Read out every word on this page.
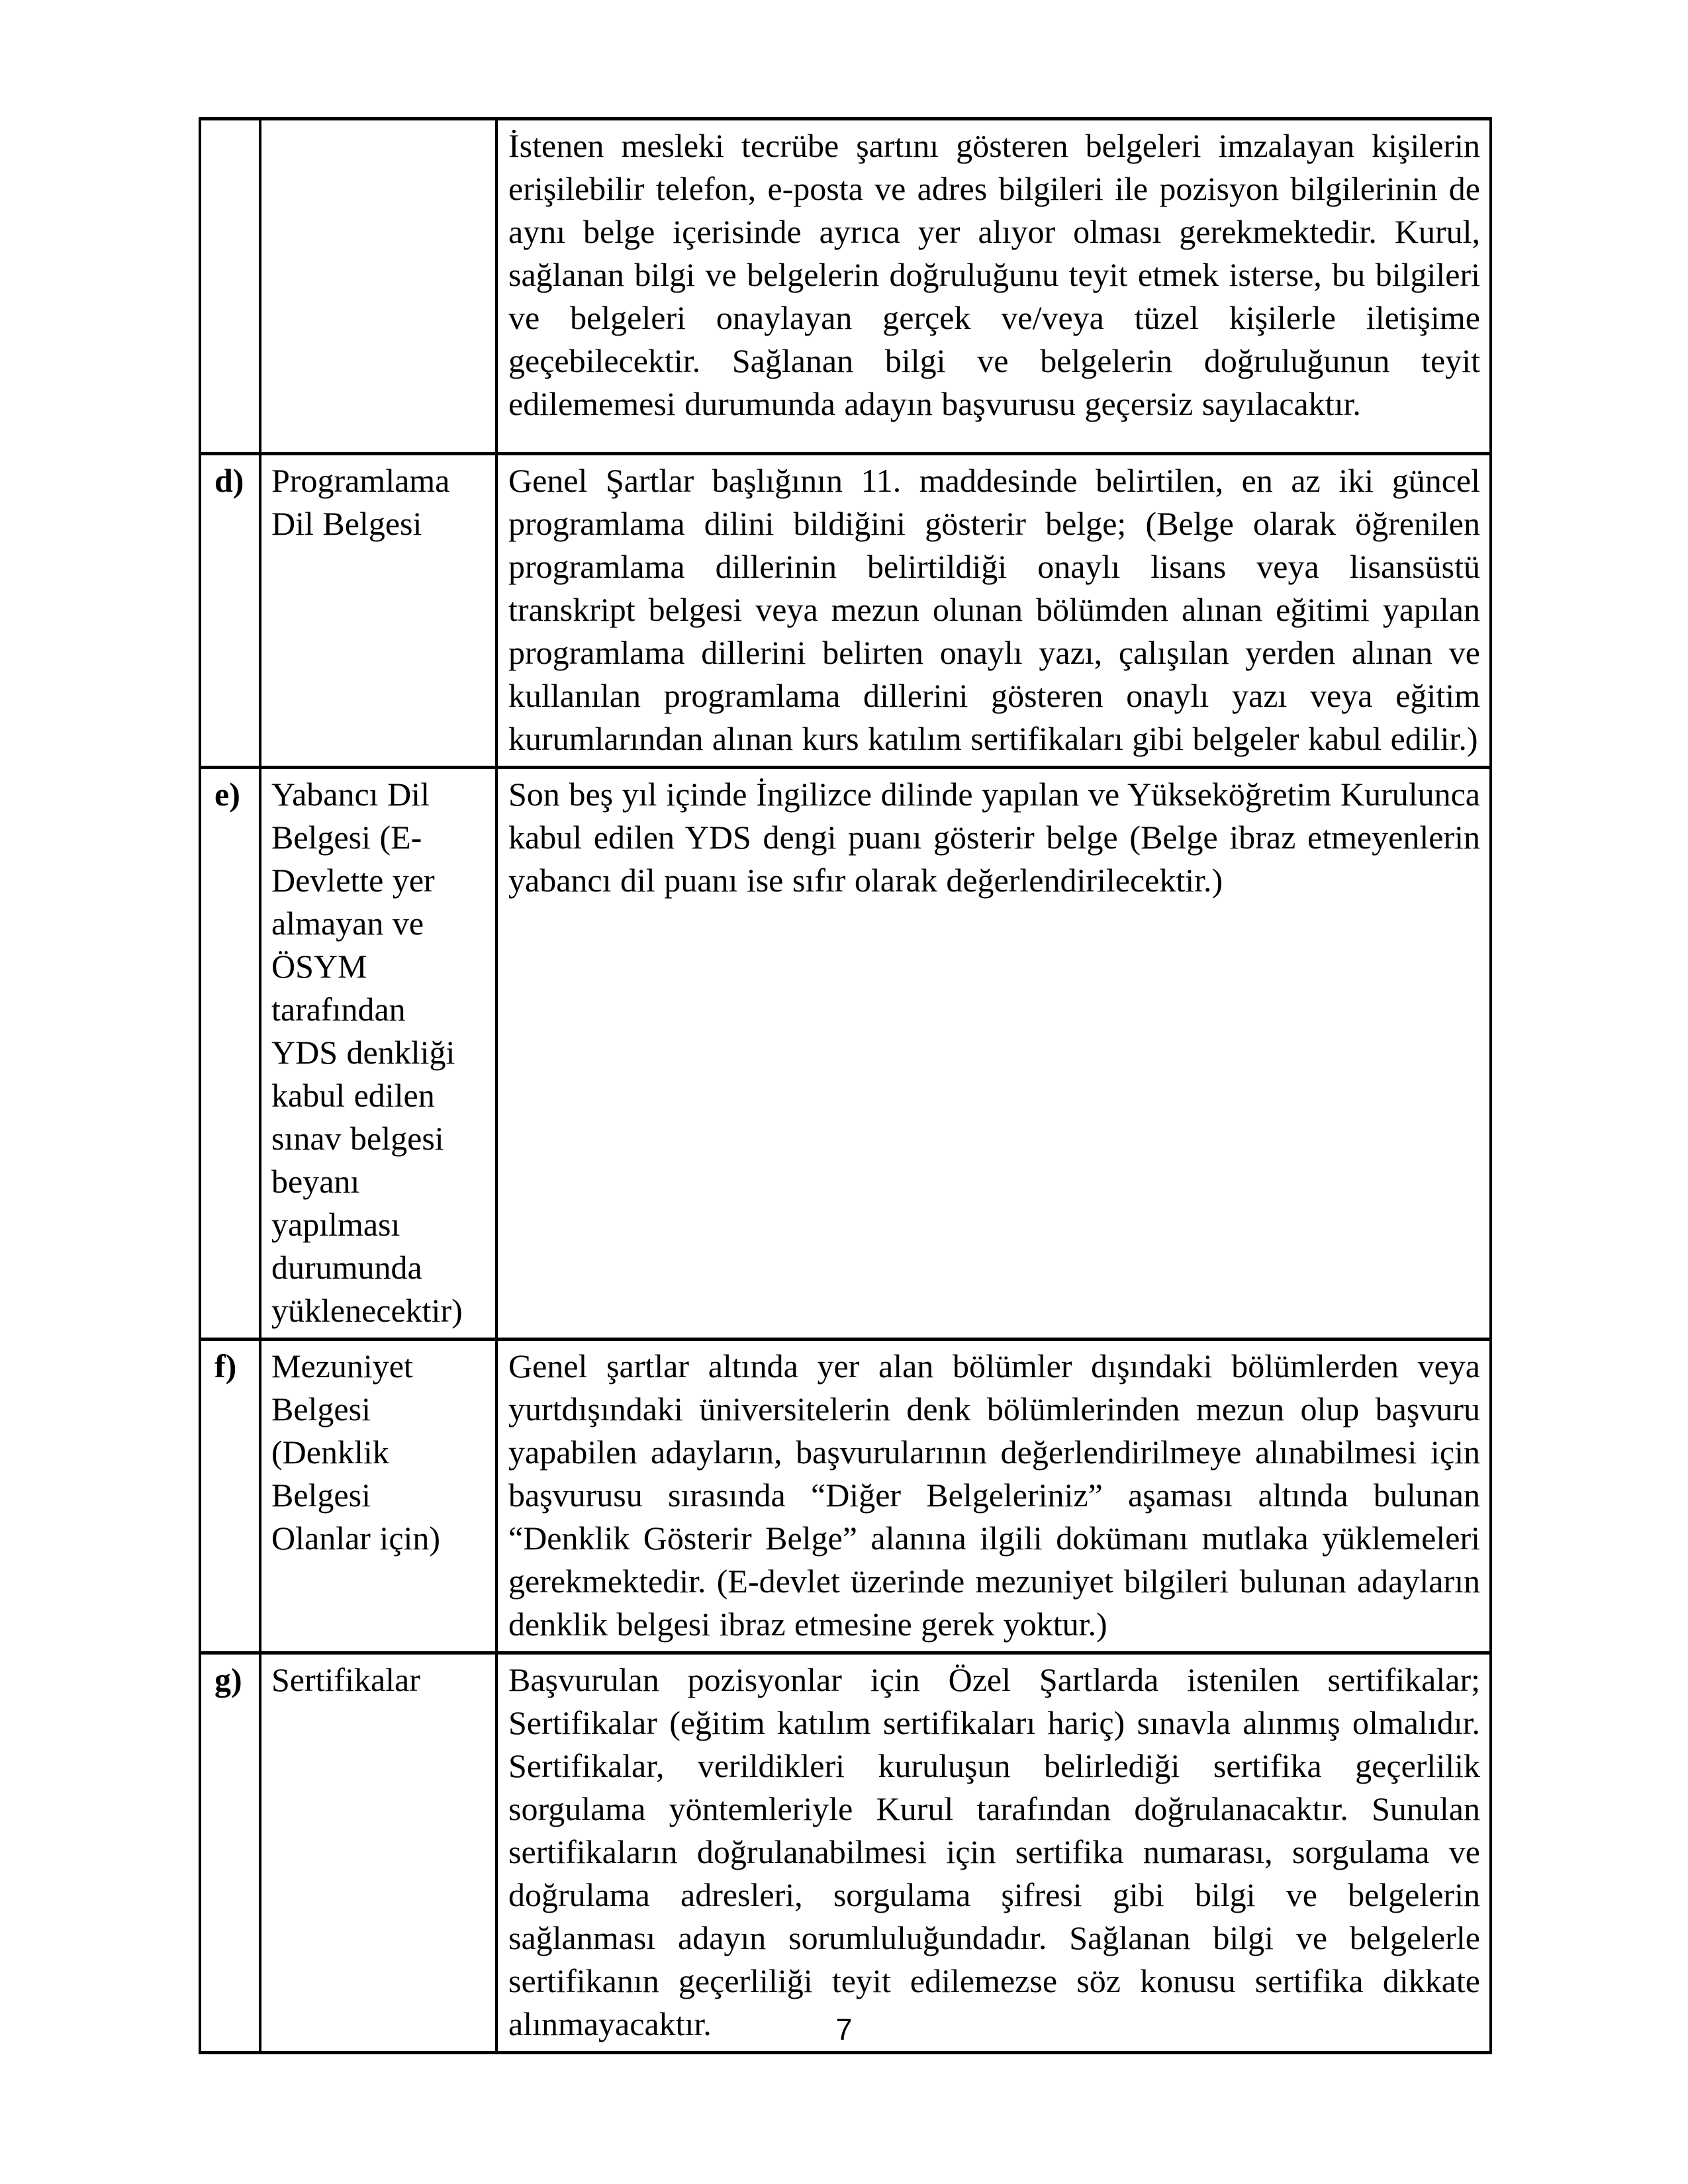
		İstenen mesleki tecrübe şartını gösteren belgeleri imzalayan kişilerin erişilebilir telefon, e-posta ve adres bilgileri ile pozisyon bilgilerinin de aynı belge içerisinde ayrıca yer alıyor olması gerekmektedir. Kurul, sağlanan bilgi ve belgelerin doğruluğunu teyit etmek isterse, bu bilgileri ve belgeleri onaylayan gerçek ve/veya tüzel kişilerle iletişime geçebilecektir. Sağlanan bilgi ve belgelerin doğruluğunun teyit edilememesi durumunda adayın başvurusu geçersiz sayılacaktır.
d)	Programlama Dil Belgesi	Genel Şartlar başlığının 11. maddesinde belirtilen, en az iki güncel programlama dilini bildiğini gösterir belge; (Belge olarak öğrenilen programlama dillerinin belirtildiği onaylı lisans veya lisansüstü transkript belgesi veya mezun olunan bölümden alınan eğitimi yapılan programlama dillerini belirten onaylı yazı, çalışılan yerden alınan ve kullanılan programlama dillerini gösteren onaylı yazı veya eğitim kurumlarından alınan kurs katılım sertifikaları gibi belgeler kabul edilir.)
e)	Yabancı Dil Belgesi (E-Devlette yer almayan ve ÖSYM tarafından YDS denkliği kabul edilen sınav belgesi beyanı yapılması durumunda yüklenecektir)	Son beş yıl içinde İngilizce dilinde yapılan ve Yükseköğretim Kurulunca kabul edilen YDS dengi puanı gösterir belge (Belge ibraz etmeyenlerin yabancı dil puanı ise sıfır olarak değerlendirilecektir.)
f)	Mezuniyet Belgesi (Denklik Belgesi Olanlar için)	Genel şartlar altında yer alan bölümler dışındaki bölümlerden veya yurtdışındaki üniversitelerin denk bölümlerinden mezun olup başvuru yapabilen adayların, başvurularının değerlendirilmeye alınabilmesi için başvurusu sırasında “Diğer Belgeleriniz” aşaması altında bulunan “Denklik Gösterir Belge” alanına ilgili dokümanı mutlaka yüklemeleri gerekmektedir. (E-devlet üzerinde mezuniyet bilgileri bulunan adayların denklik belgesi ibraz etmesine gerek yoktur.)
g)	Sertifikalar	Başvurulan pozisyonlar için Özel Şartlarda istenilen sertifikalar; Sertifikalar (eğitim katılım sertifikaları hariç) sınavla alınmış olmalıdır. Sertifikalar, verildikleri kuruluşun belirlediği sertifika geçerlilik sorgulama yöntemleriyle Kurul tarafından doğrulanacaktır. Sunulan sertifikaların doğrulanabilmesi için sertifika numarası, sorgulama ve doğrulama adresleri, sorgulama şifresi gibi bilgi ve belgelerin sağlanması adayın sorumluluğundadır. Sağlanan bilgi ve belgelerle sertifikanın geçerliliği teyit edilemezse söz konusu sertifika dikkate alınmayacaktır.	7
